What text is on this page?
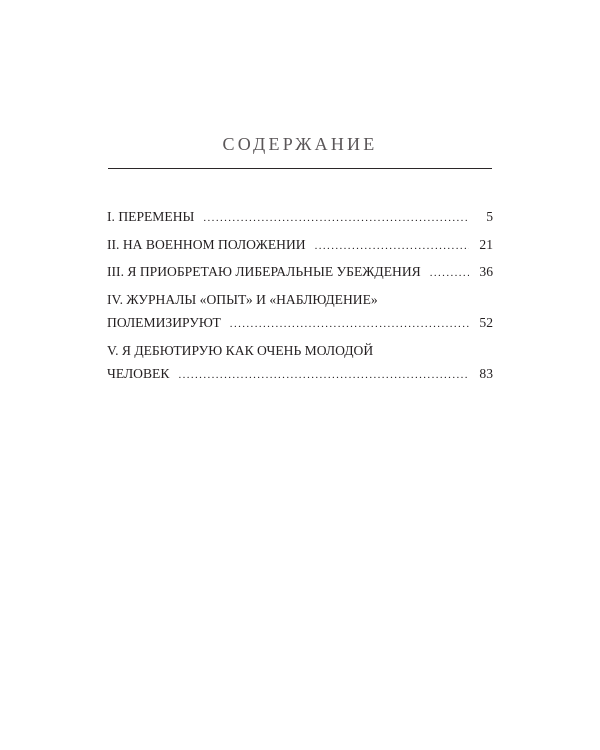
СОДЕРЖАНИЕ
I. ПЕРЕМЕНЫ .....	5
II. НА ВОЕННОМ ПОЛОЖЕНИИ .....	21
III. Я ПРИОБРЕТАЮ ЛИБЕРАЛЬНЫЕ УБЕЖДЕНИЯ .....	36
IV. ЖУРНАЛЫ «ОПЫТ» И «НАБЛЮДЕНИЕ»
ПОЛЕМИЗИРУЮТ .....	52
V. Я ДЕБЮТИРУЮ КАК ОЧЕНЬ МОЛОДОЙ
ЧЕЛОВЕК .....	83
